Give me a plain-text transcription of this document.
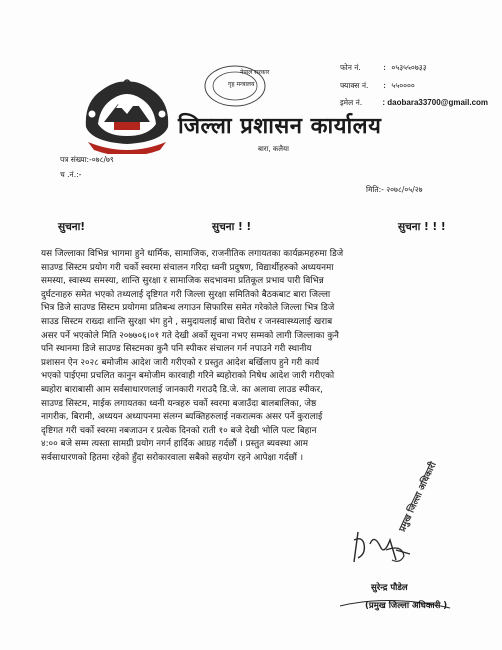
नेपाल सरकार
गृह मन्त्रालय
जिल्ला प्रशासन कार्यालय
बारा, कलैया
फोन नं.	: ०५३५५०७३३
फ्याक्स नं. : ५५००००
इमेल नं.	: daobara33700@gmail.com
पत्र संख्या:-०७८/७९
च .नं.:-
मिति:- २०७८/०५/२७
सुचना!	सुचना ! !	सुचना ! ! !
यस जिल्लाका विभिन्न भागमा हुने धार्मिक, सामाजिक, राजनीतिक लगायतका कार्यक्रमहरुमा डिजे
साउण्ड सिस्टम प्रयोग गरी चर्को स्वरमा संचालन गरिदा ध्वनी प्रदुषण, विद्यार्थीहरुको अध्ययनमा
समस्या, स्वास्थ्य समस्या, शान्ति सुरक्षा र सामाजिक सदभावमा प्रतिकूल प्रभाव पारी विभिन्न
दुर्घटनाहरु समेत भएको तथ्यलाई दृष्टिगत गरी जिल्ला सुरक्षा समितिको बैठकबाट बारा जिल्ला
भित्र डिजे साउण्ड सिस्टम प्रयोगमा प्रतिबन्ध लगाउन सिफारिस समेत गरेकोले जिल्ला भित्र डिजे
साउड सिस्टम राख्दा शान्ति सुरक्षा भंग हुने , समुदायलाई बाधा विरोध र जनस्वास्थ्यलाई खराब
असर पर्ने भएकोले मिति २०७७०६।०१ गते देखी अर्को सूचना नभए सम्मको लागी जिल्लाका कुनै
पनि स्थानमा डिजे साउण्ड सिस्टमका कुनै पनि स्पीकर संचालन गर्न नपाउने गरी स्थानीय
प्रशासन ऐन २०२८ बमोजीम आदेश जारी गरीएको र प्रस्तुत आदेश बर्खिलाप हुने गरी कार्य
भएको पाईएमा प्रचलित कानुन बमोजीम कारवाही गरिने ब्यहोराको निषेध आदेश जारी गरीएको
ब्यहोरा बाराबासी आम सर्वसाधारणलाई जानकारी गराउदै डि.जे. का अलावा लाउड स्पीकर,
साउण्ड सिस्टम, माईक लगायतका ध्वनी यन्त्रहरु चर्को स्वरमा बजाउँदा बालबालिका, जेष्ठ
नागरीक, बिरामी, अध्ययन अध्यापनमा संलग्न ब्यक्तिहरुलाई नकरात्मक असर पर्ने कुरालाई
दृष्टिगत गरी चर्को स्वरमा नबजाउन र प्रत्येक दिनको राती १० बजे देखी भोलि पल्ट बिहान
४:०० बजे सम्म त्यस्ता सामग्री प्रयोग नगर्न हार्दिक आग्रह गर्दछौं । प्रस्तुत ब्यवस्था आम
सर्वसाधारणको हितमा रहेको हुँदा सरोकारवाला सबैको सहयोग रहने आपेक्षा गर्दछौं ।
प्रमुख जिल्ला अधिकारी
सुरेन्द्र पौडेल
(प्रमुख जिल्ला अधिकारी )
